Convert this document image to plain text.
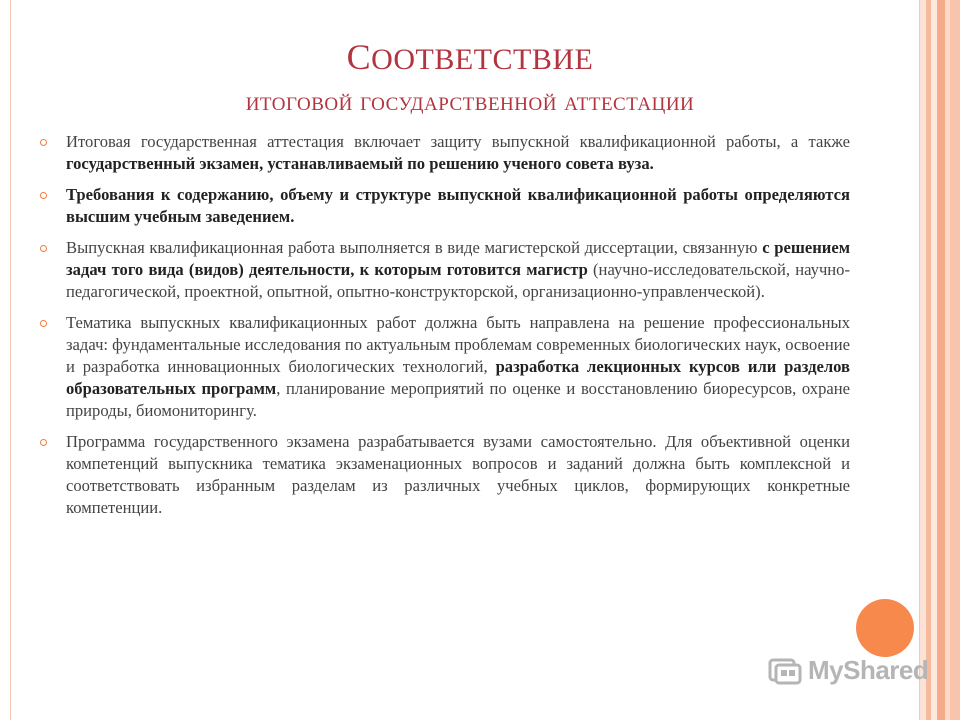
СООТВЕТСТВИЕ
итоговой государственной аттестации
Итоговая государственная аттестация включает защиту выпускной квалификационной работы, а также государственный экзамен, устанавливаемый по решению ученого совета вуза.
Требования к содержанию, объему и структуре выпускной квалификационной работы определяются высшим учебным заведением.
Выпускная квалификационная работа выполняется в виде магистерской диссертации, связанную с решением задач того вида (видов) деятельности, к которым готовится магистр (научно-исследовательской, научно-педагогической, проектной, опытной, опытно-конструкторской, организационно-управленческой).
Тематика выпускных квалификационных работ должна быть направлена на решение профессиональных задач: фундаментальные исследования по актуальным проблемам современных биологических наук, освоение и разработка инновационных биологических технологий, разработка лекционных курсов или разделов образовательных программ, планирование мероприятий по оценке и восстановлению биоресурсов, охране природы, биомониторингу.
Программа государственного экзамена разрабатывается вузами самостоятельно. Для объективной оценки компетенций выпускника тематика экзаменационных вопросов и заданий должна быть комплексной и соответствовать избранным разделам из различных учебных циклов, формирующих конкретные компетенции.
MyShared
